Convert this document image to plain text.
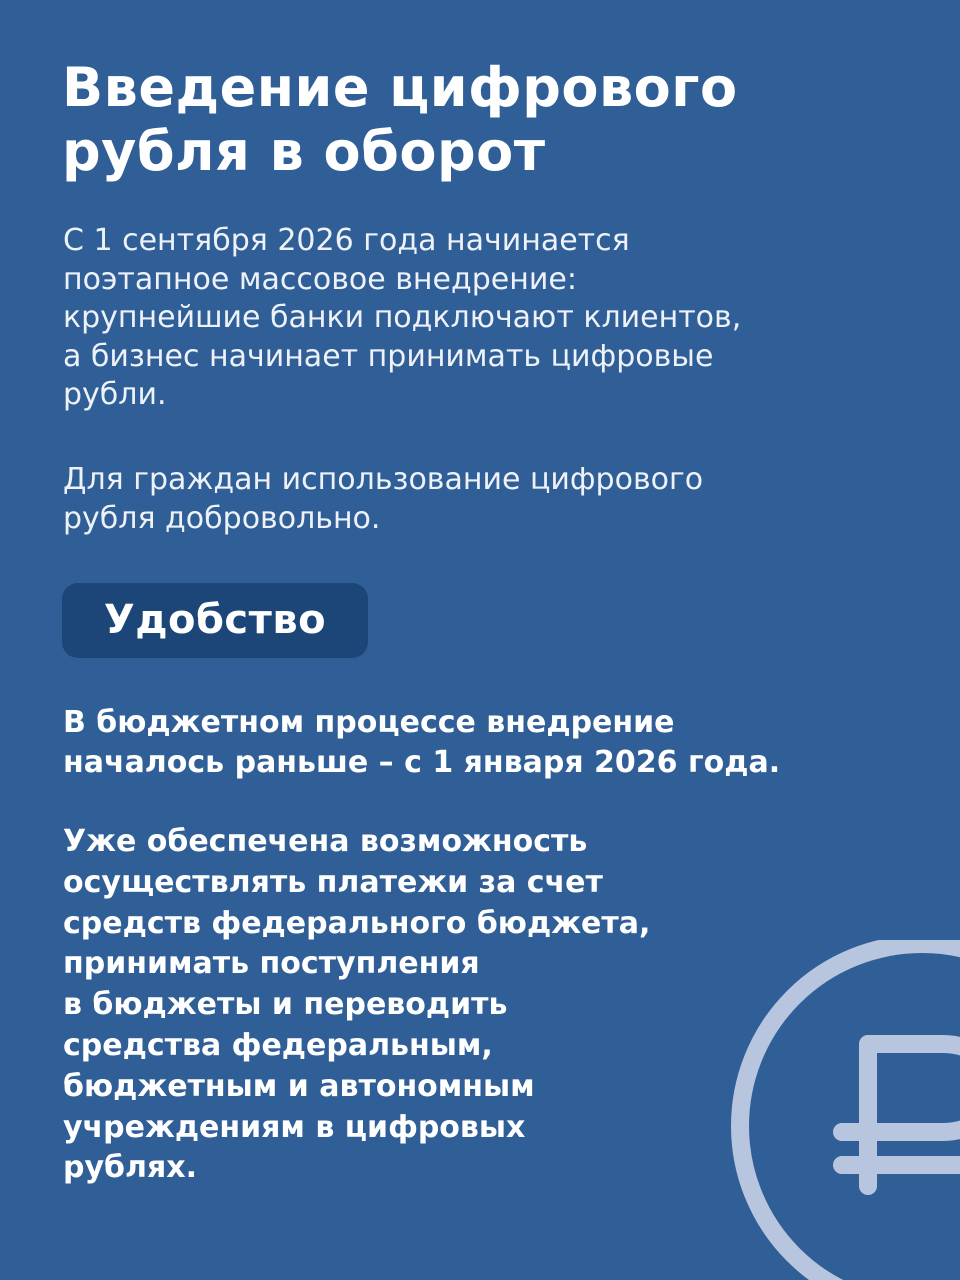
Введение цифрового
рубля в оборот

С 1 сентября 2026 года начинается
поэтапное массовое внедрение:
крупнейшие банки подключают клиентов,
а бизнес начинает принимать цифровые
рубли.

Для граждан использование цифрового
рубля добровольно.

Удобство

В бюджетном процессе внедрение
началось раньше – с 1 января 2026 года.

Уже обеспечена возможность
осуществлять платежи за счет
средств федерального бюджета,
принимать поступления
в бюджеты и переводить
средства федеральным,
бюджетным и автономным
учреждениям в цифровых
рублях.
